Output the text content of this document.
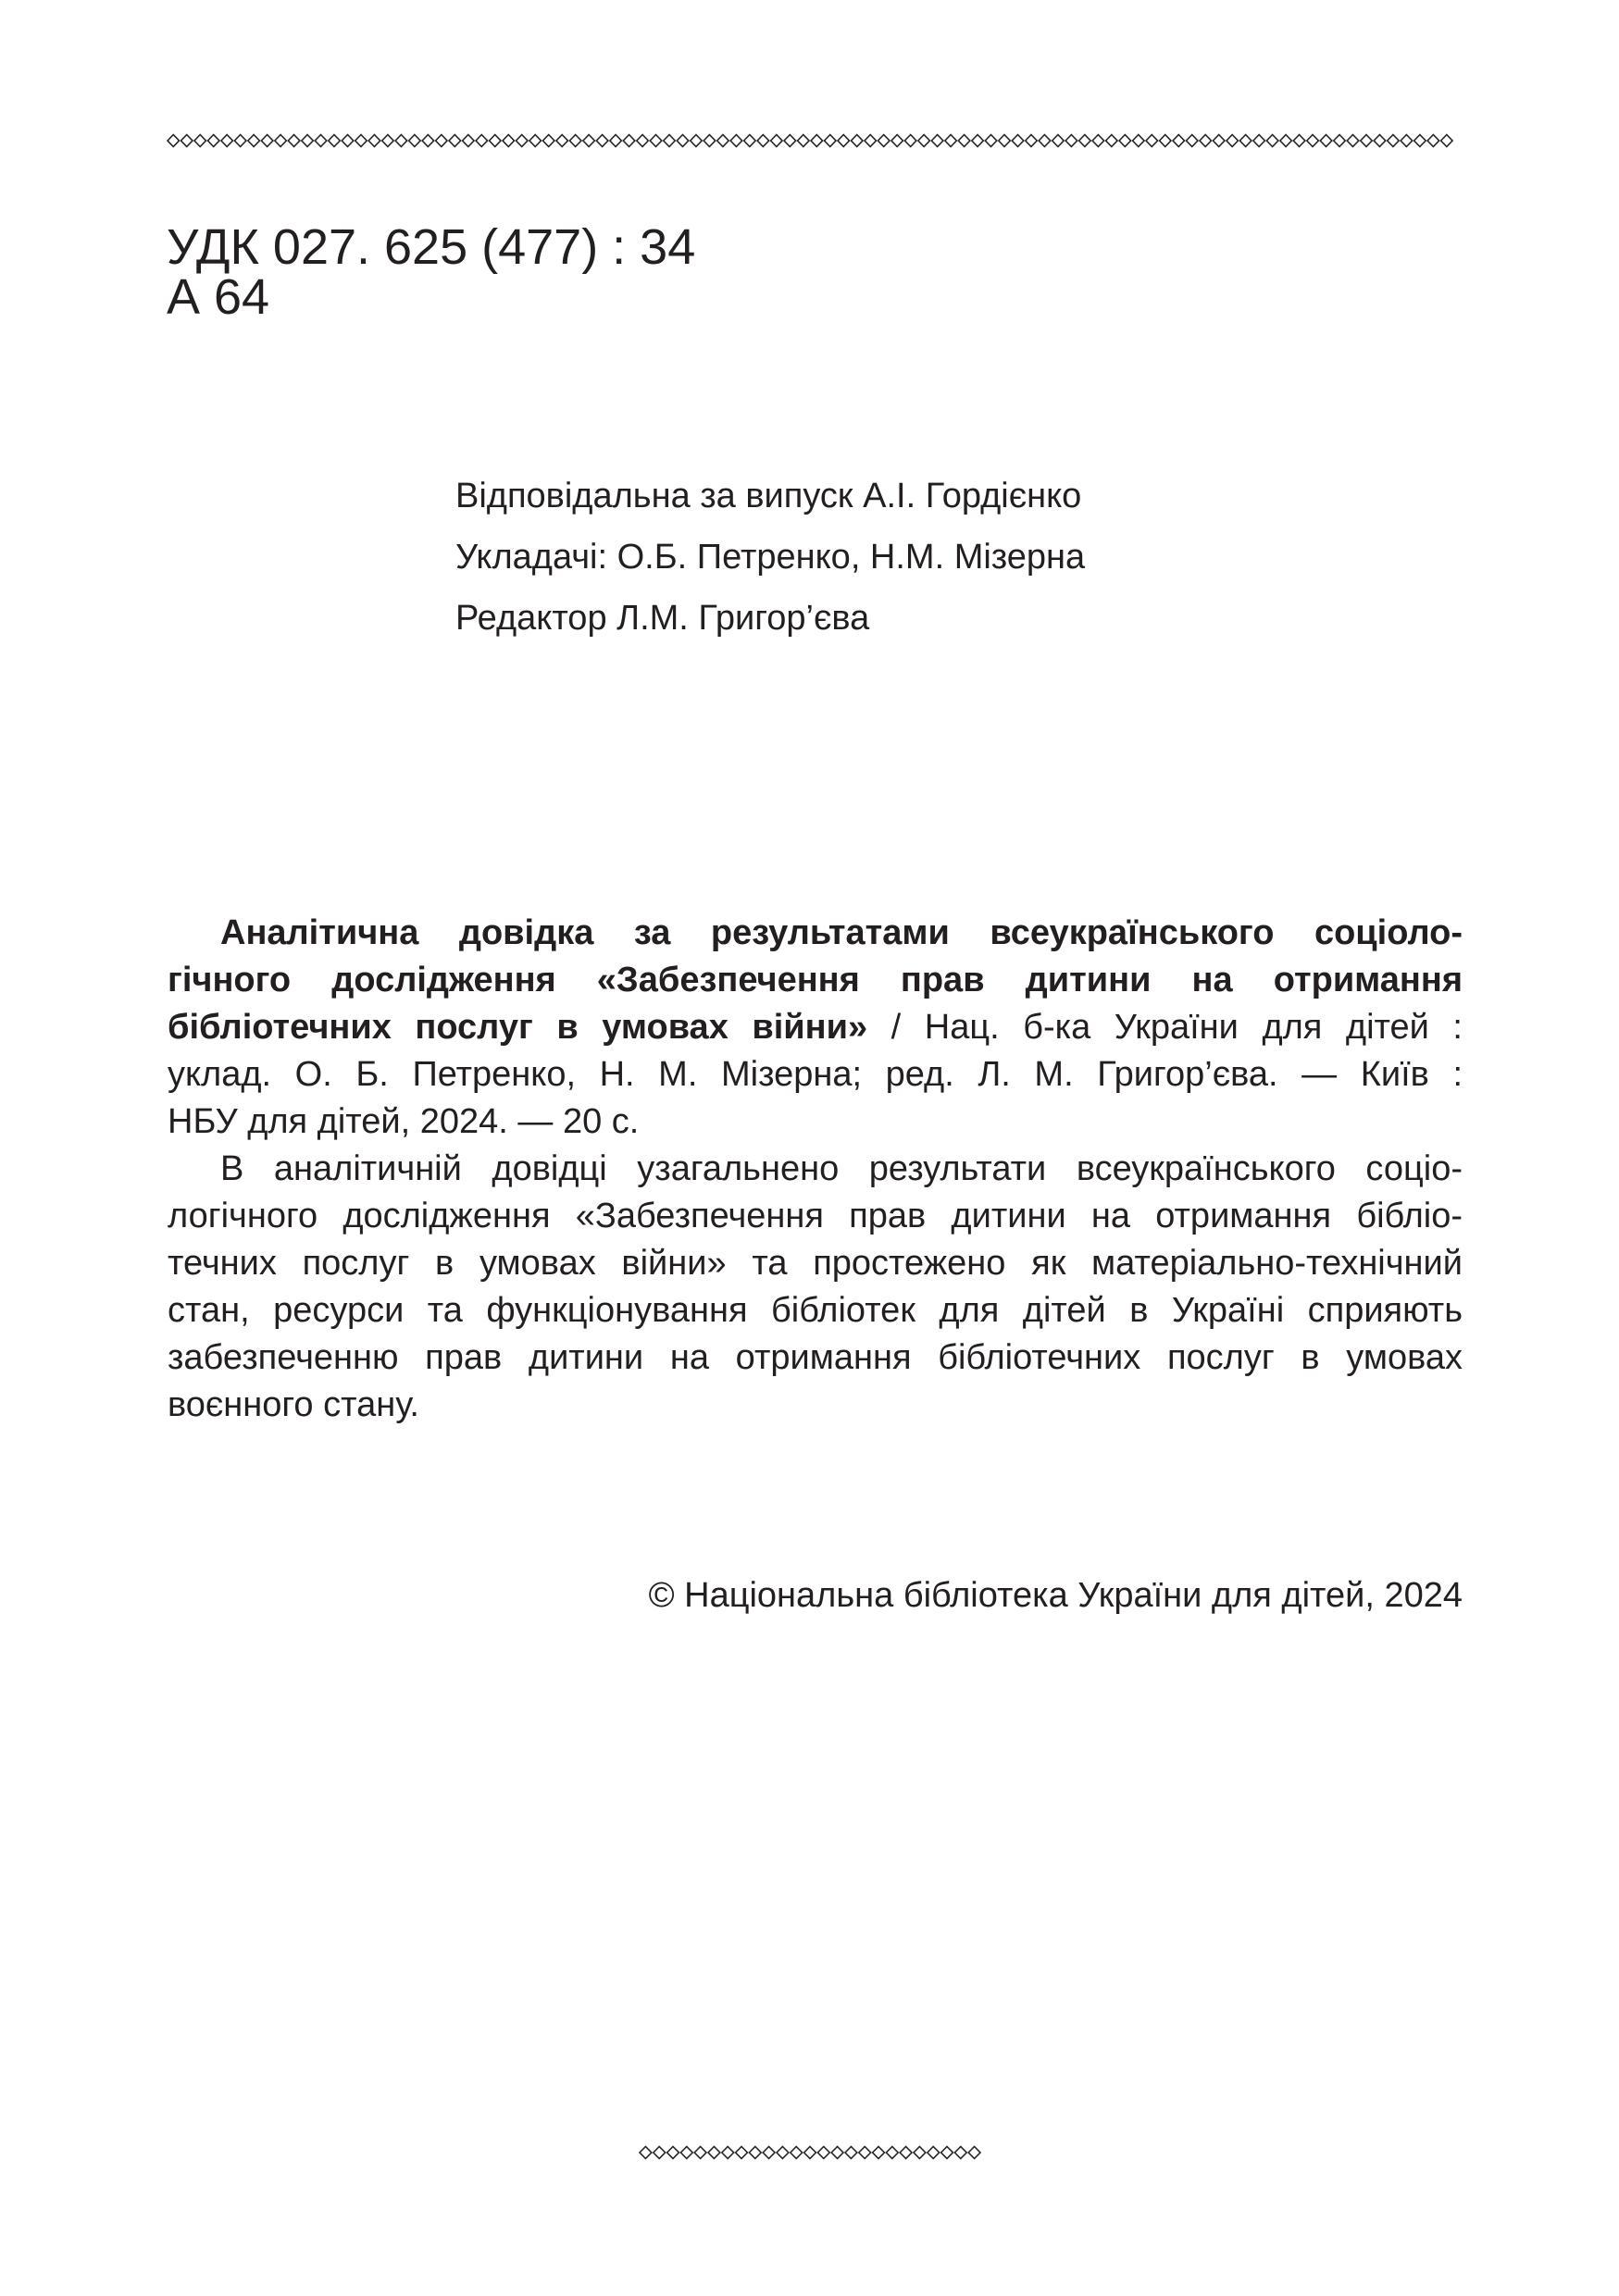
УДК 027. 625 (477) : 34
А 64
Відповідальна за випуск А.І. Гордієнко
Укладачі: О.Б. Петренко, Н.М. Мізерна
Редактор Л.М. Григор’єва
Аналітична довідка за результатами всеукраїнського соціоло-
гічного дослідження «Забезпечення прав дитини на отримання
бібліотечних послуг в умовах війни» / Нац. б-ка України для дітей :
уклад. О. Б. Петренко, Н. М. Мізерна; ред. Л. М. Григор’єва. — Київ :
НБУ для дітей, 2024. — 20 с.
В аналітичній довідці узагальнено результати всеукраїнського соціо-
логічного дослідження «Забезпечення прав дитини на отримання бібліо-
течних послуг в умовах війни» та простежено як матеріально-технічний
стан, ресурси та функціонування бібліотек для дітей в Україні сприяють
забезпеченню прав дитини на отримання бібліотечних послуг в умовах
воєнного стану.
© Національна бібліотека України для дітей, 2024
